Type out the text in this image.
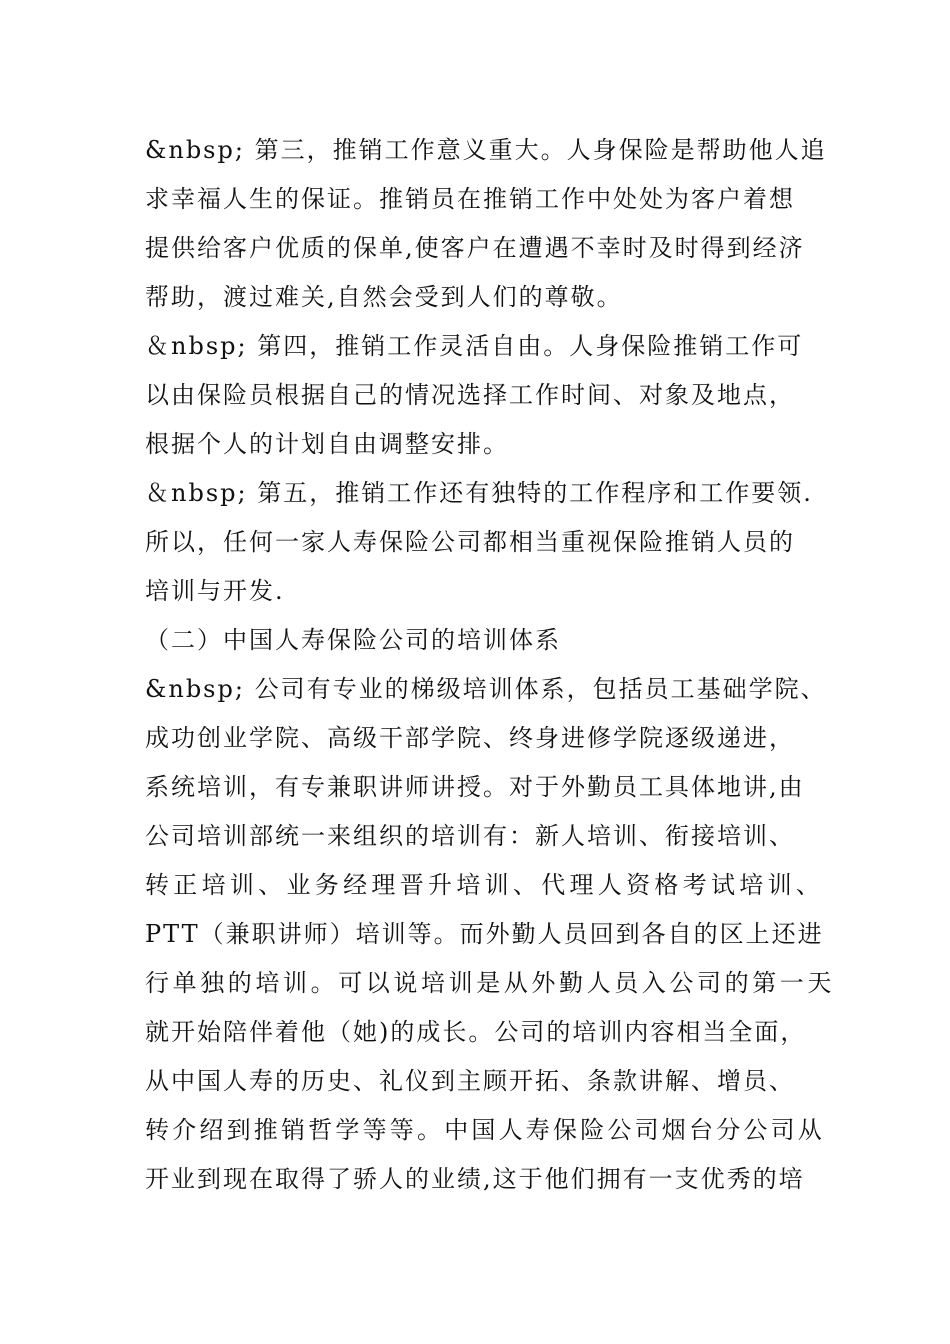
&nbsp; 第三，推销工作意义重大。人身保险是帮助他人追
求幸福人生的保证。推销员在推销工作中处处为客户着想
提供给客户优质的保单,使客户在遭遇不幸时及时得到经济
帮助，渡过难关,自然会受到人们的尊敬。
＆nbsp; 第四，推销工作灵活自由。人身保险推销工作可
以由保险员根据自己的情况选择工作时间、对象及地点，
根据个人的计划自由调整安排。
＆nbsp; 第五，推销工作还有独特的工作程序和工作要领.
所以，任何一家人寿保险公司都相当重视保险推销人员的
培训与开发.
（二）中国人寿保险公司的培训体系
&nbsp; 公司有专业的梯级培训体系，包括员工基础学院、
成功创业学院、高级干部学院、终身进修学院逐级递进，
系统培训，有专兼职讲师讲授。对于外勤员工具体地讲,由
公司培训部统一来组织的培训有：新人培训、衔接培训、
转正培训、业务经理晋升培训、代理人资格考试培训、
PTT（兼职讲师）培训等。而外勤人员回到各自的区上还进
行单独的培训。可以说培训是从外勤人员入公司的第一天
就开始陪伴着他（她)的成长。公司的培训内容相当全面，
从中国人寿的历史、礼仪到主顾开拓、条款讲解、增员、
转介绍到推销哲学等等。中国人寿保险公司烟台分公司从
开业到现在取得了骄人的业绩,这于他们拥有一支优秀的培
